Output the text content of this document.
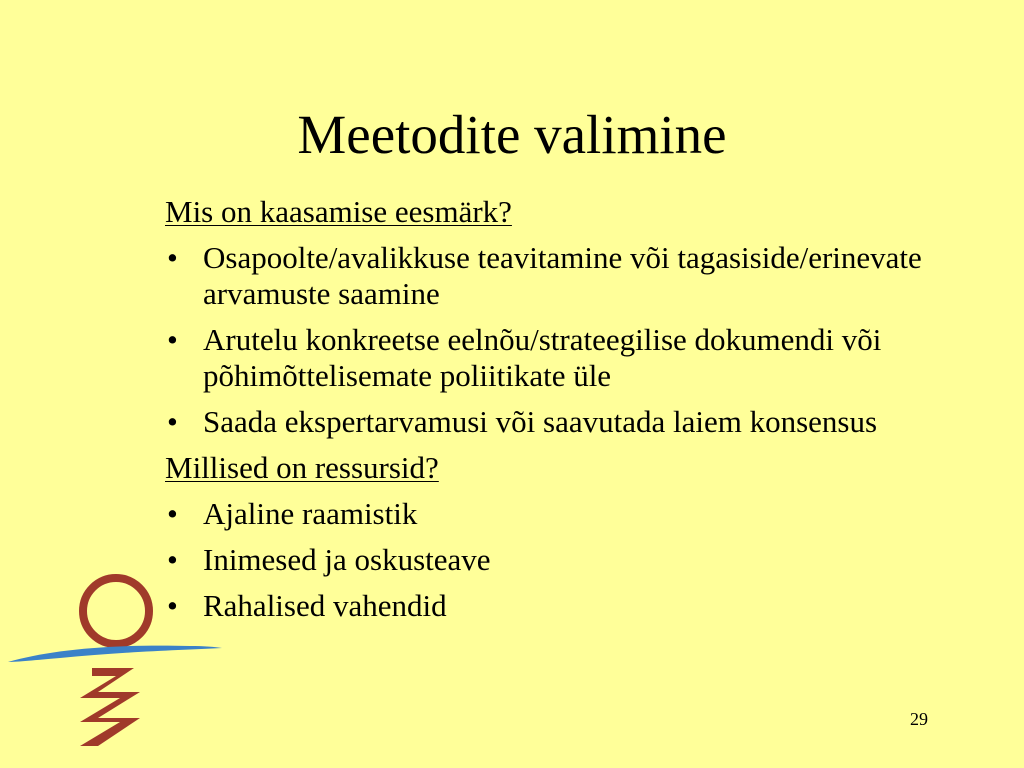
Meetodite valimine
Mis on kaasamise eesmärk?
• Osapoolte/avalikkuse teavitamine või tagasiside/erinevate arvamuste saamine
• Arutelu konkreetse eelnõu/strateegilise dokumendi või põhimõttelisemate poliitikate üle
• Saada ekspertarvamusi või saavutada laiem konsensus
Millised on ressursid?
• Ajaline raamistik
• Inimesed ja oskusteave
• Rahalised vahendid
29
